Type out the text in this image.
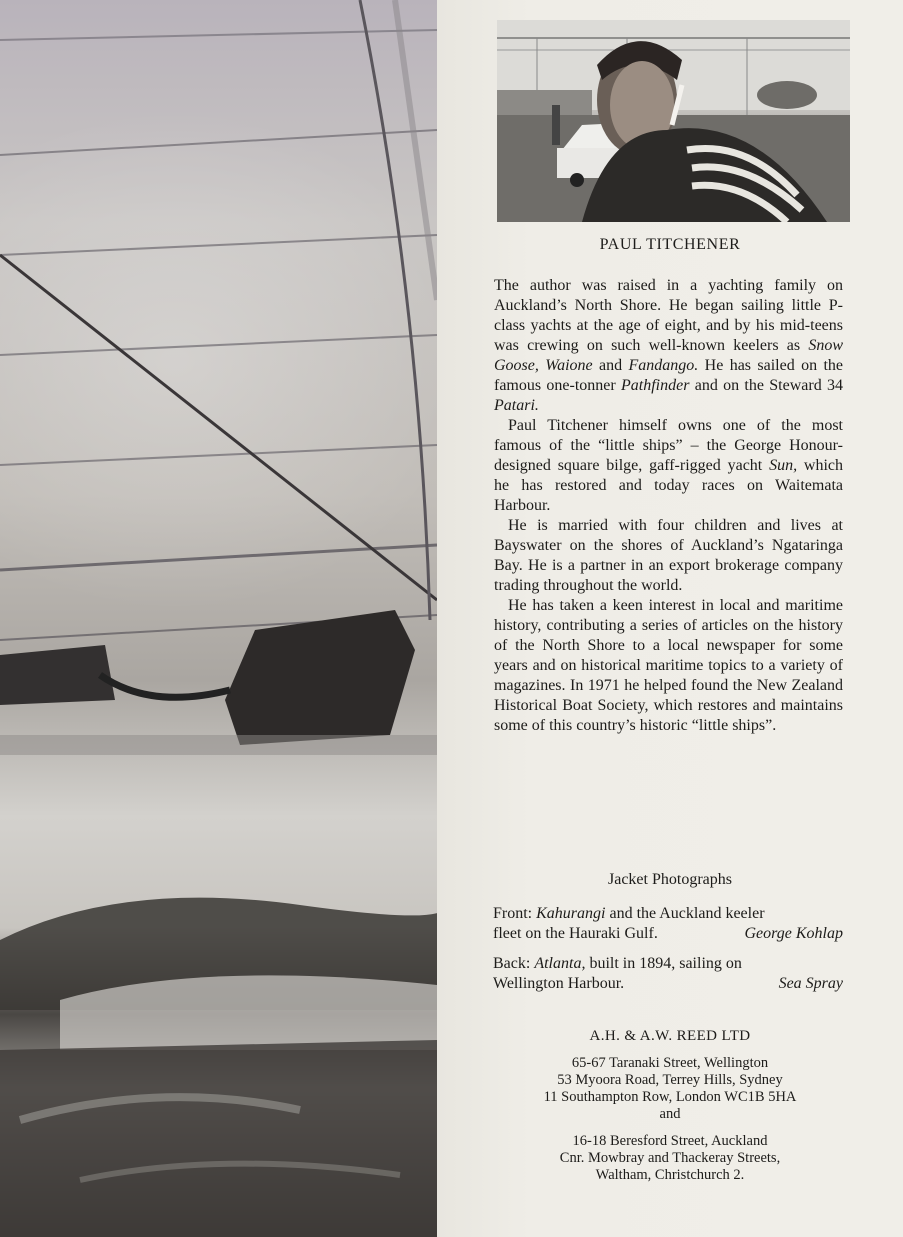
PAUL TITCHENER

The author was raised in a yachting family on Auckland’s North Shore. He began sailing little P-class yachts at the age of eight, and by his mid-teens was crewing on such well-known keelers as Snow Goose, Waione and Fandango. He has sailed on the famous one-tonner Pathfinder and on the Steward 34 Patari.

Paul Titchener himself owns one of the most famous of the “little ships” – the George Honour-designed square bilge, gaff-rigged yacht Sun, which he has restored and today races on Waitemata Harbour.

He is married with four children and lives at Bayswater on the shores of Auckland’s Ngataringa Bay. He is a partner in an export brokerage company trading throughout the world.

He has taken a keen interest in local and maritime history, contributing a series of articles on the history of the North Shore to a local newspaper for some years and on historical maritime topics to a variety of magazines. In 1971 he helped found the New Zealand Historical Boat Society, which restores and maintains some of this country’s historic “little ships”.

Jacket Photographs
Front: Kahurangi and the Auckland keeler
fleet on the Hauraki Gulf.	George Kohlap
Back: Atlanta, built in 1894, sailing on
Wellington Harbour.	Sea Spray
A.H. & A.W. REED LTD
65-67 Taranaki Street, Wellington
53 Myoora Road, Terrey Hills, Sydney
11 Southampton Row, London WC1B 5HA
and
16-18 Beresford Street, Auckland
Cnr. Mowbray and Thackeray Streets,
Waltham, Christchurch 2.
